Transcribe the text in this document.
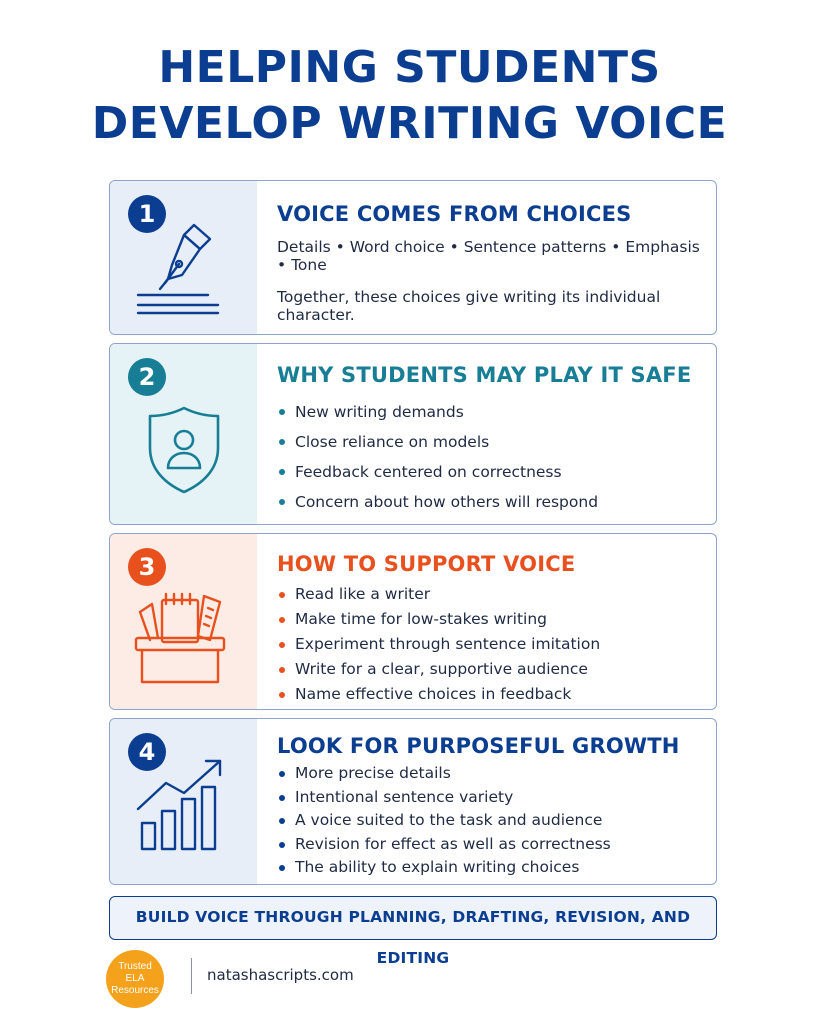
HELPING STUDENTS
DEVELOP WRITING VOICE
1	VOICE COMES FROM CHOICES

Details • Word choice • Sentence patterns • Emphasis • Tone

Together, these choices give writing its individual character.

2	WHY STUDENTS MAY PLAY IT SAFE
New writing demands
Close reliance on models
Feedback centered on correctness
Concern about how others will respond
3	HOW TO SUPPORT VOICE
Read like a writer
Make time for low-stakes writing
Experiment through sentence imitation
Write for a clear, supportive audience
Name effective choices in feedback
4	LOOK FOR PURPOSEFUL GROWTH
More precise details
Intentional sentence variety
A voice suited to the task and audience
Revision for effect as well as correctness
The ability to explain writing choices
BUILD VOICE THROUGH PLANNING, DRAFTING, REVISION, AND EDITING
Trusted
ELA
Resources
natashascripts.com
